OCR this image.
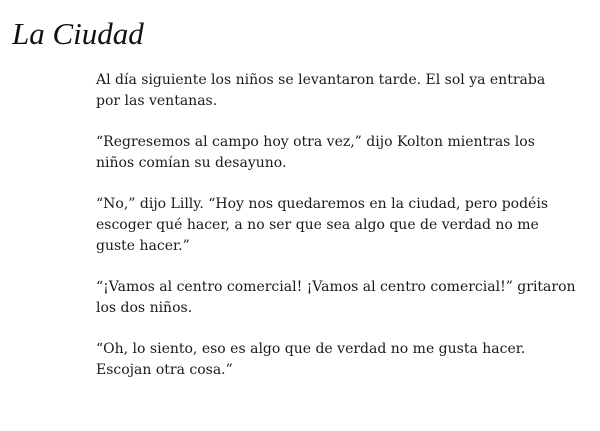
La Ciudad

Al día siguiente los niños se levantaron tarde. El sol ya entraba
por las ventanas.

“Regresemos al campo hoy otra vez,” dijo Kolton mientras los
niños comían su desayuno.

“No,” dijo Lilly. “Hoy nos quedaremos en la ciudad, pero podéis
escoger qué hacer, a no ser que sea algo que de verdad no me
guste hacer.”

“¡Vamos al centro comercial! ¡Vamos al centro comercial!” gritaron
los dos niños.

“Oh, lo siento, eso es algo que de verdad no me gusta hacer.
Escojan otra cosa.”
